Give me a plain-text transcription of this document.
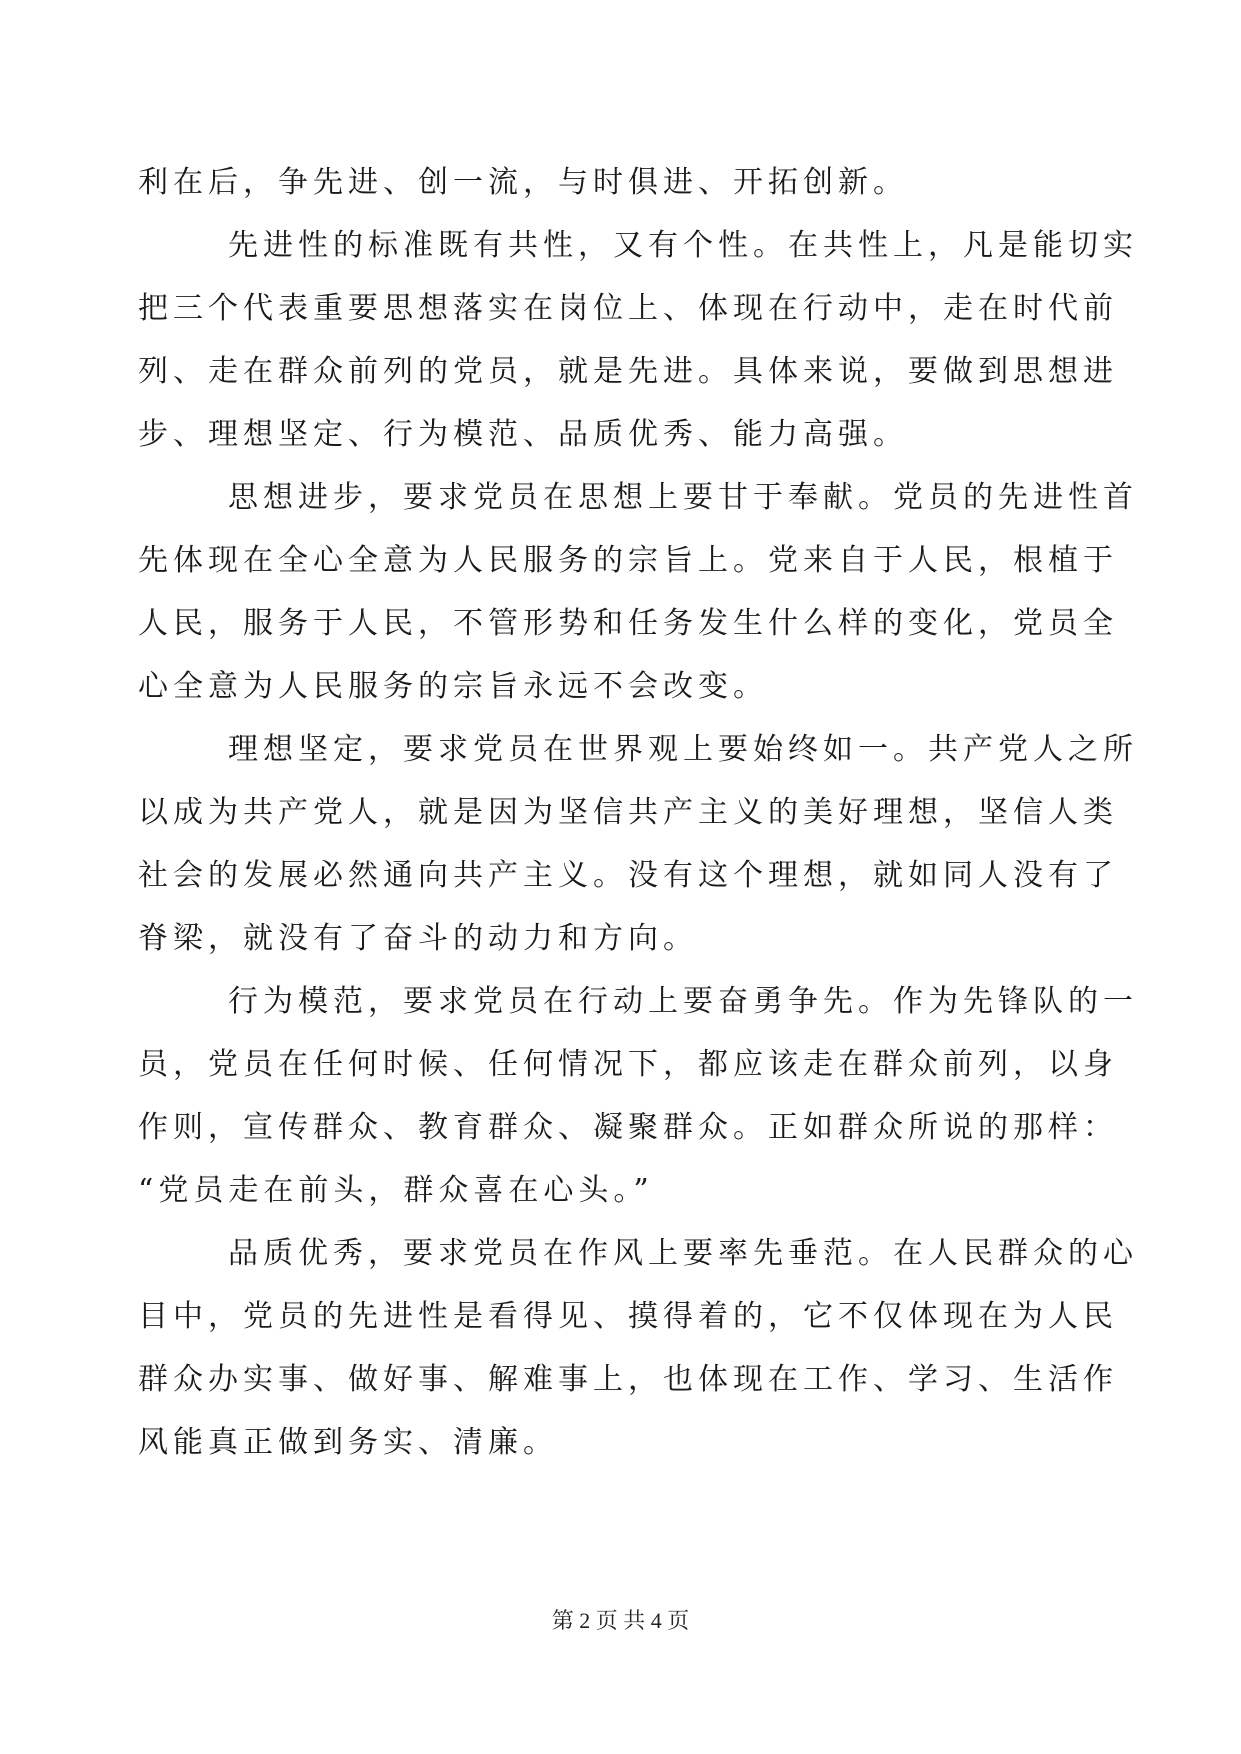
利在后，争先进、创一流，与时俱进、开拓创新。
先进性的标准既有共性，又有个性。在共性上，凡是能切实
把三个代表重要思想落实在岗位上、体现在行动中，走在时代前
列、走在群众前列的党员，就是先进。具体来说，要做到思想进
步、理想坚定、行为模范、品质优秀、能力高强。
思想进步，要求党员在思想上要甘于奉献。党员的先进性首
先体现在全心全意为人民服务的宗旨上。党来自于人民，根植于
人民，服务于人民，不管形势和任务发生什么样的变化，党员全
心全意为人民服务的宗旨永远不会改变。
理想坚定，要求党员在世界观上要始终如一。共产党人之所
以成为共产党人，就是因为坚信共产主义的美好理想，坚信人类
社会的发展必然通向共产主义。没有这个理想，就如同人没有了
脊梁，就没有了奋斗的动力和方向。
行为模范，要求党员在行动上要奋勇争先。作为先锋队的一
员，党员在任何时候、任何情况下，都应该走在群众前列，以身
作则，宣传群众、教育群众、凝聚群众。正如群众所说的那样：
“党员走在前头，群众喜在心头。”
品质优秀，要求党员在作风上要率先垂范。在人民群众的心
目中，党员的先进性是看得见、摸得着的，它不仅体现在为人民
群众办实事、做好事、解难事上，也体现在工作、学习、生活作
风能真正做到务实、清廉。
第 2 页 共 4 页
